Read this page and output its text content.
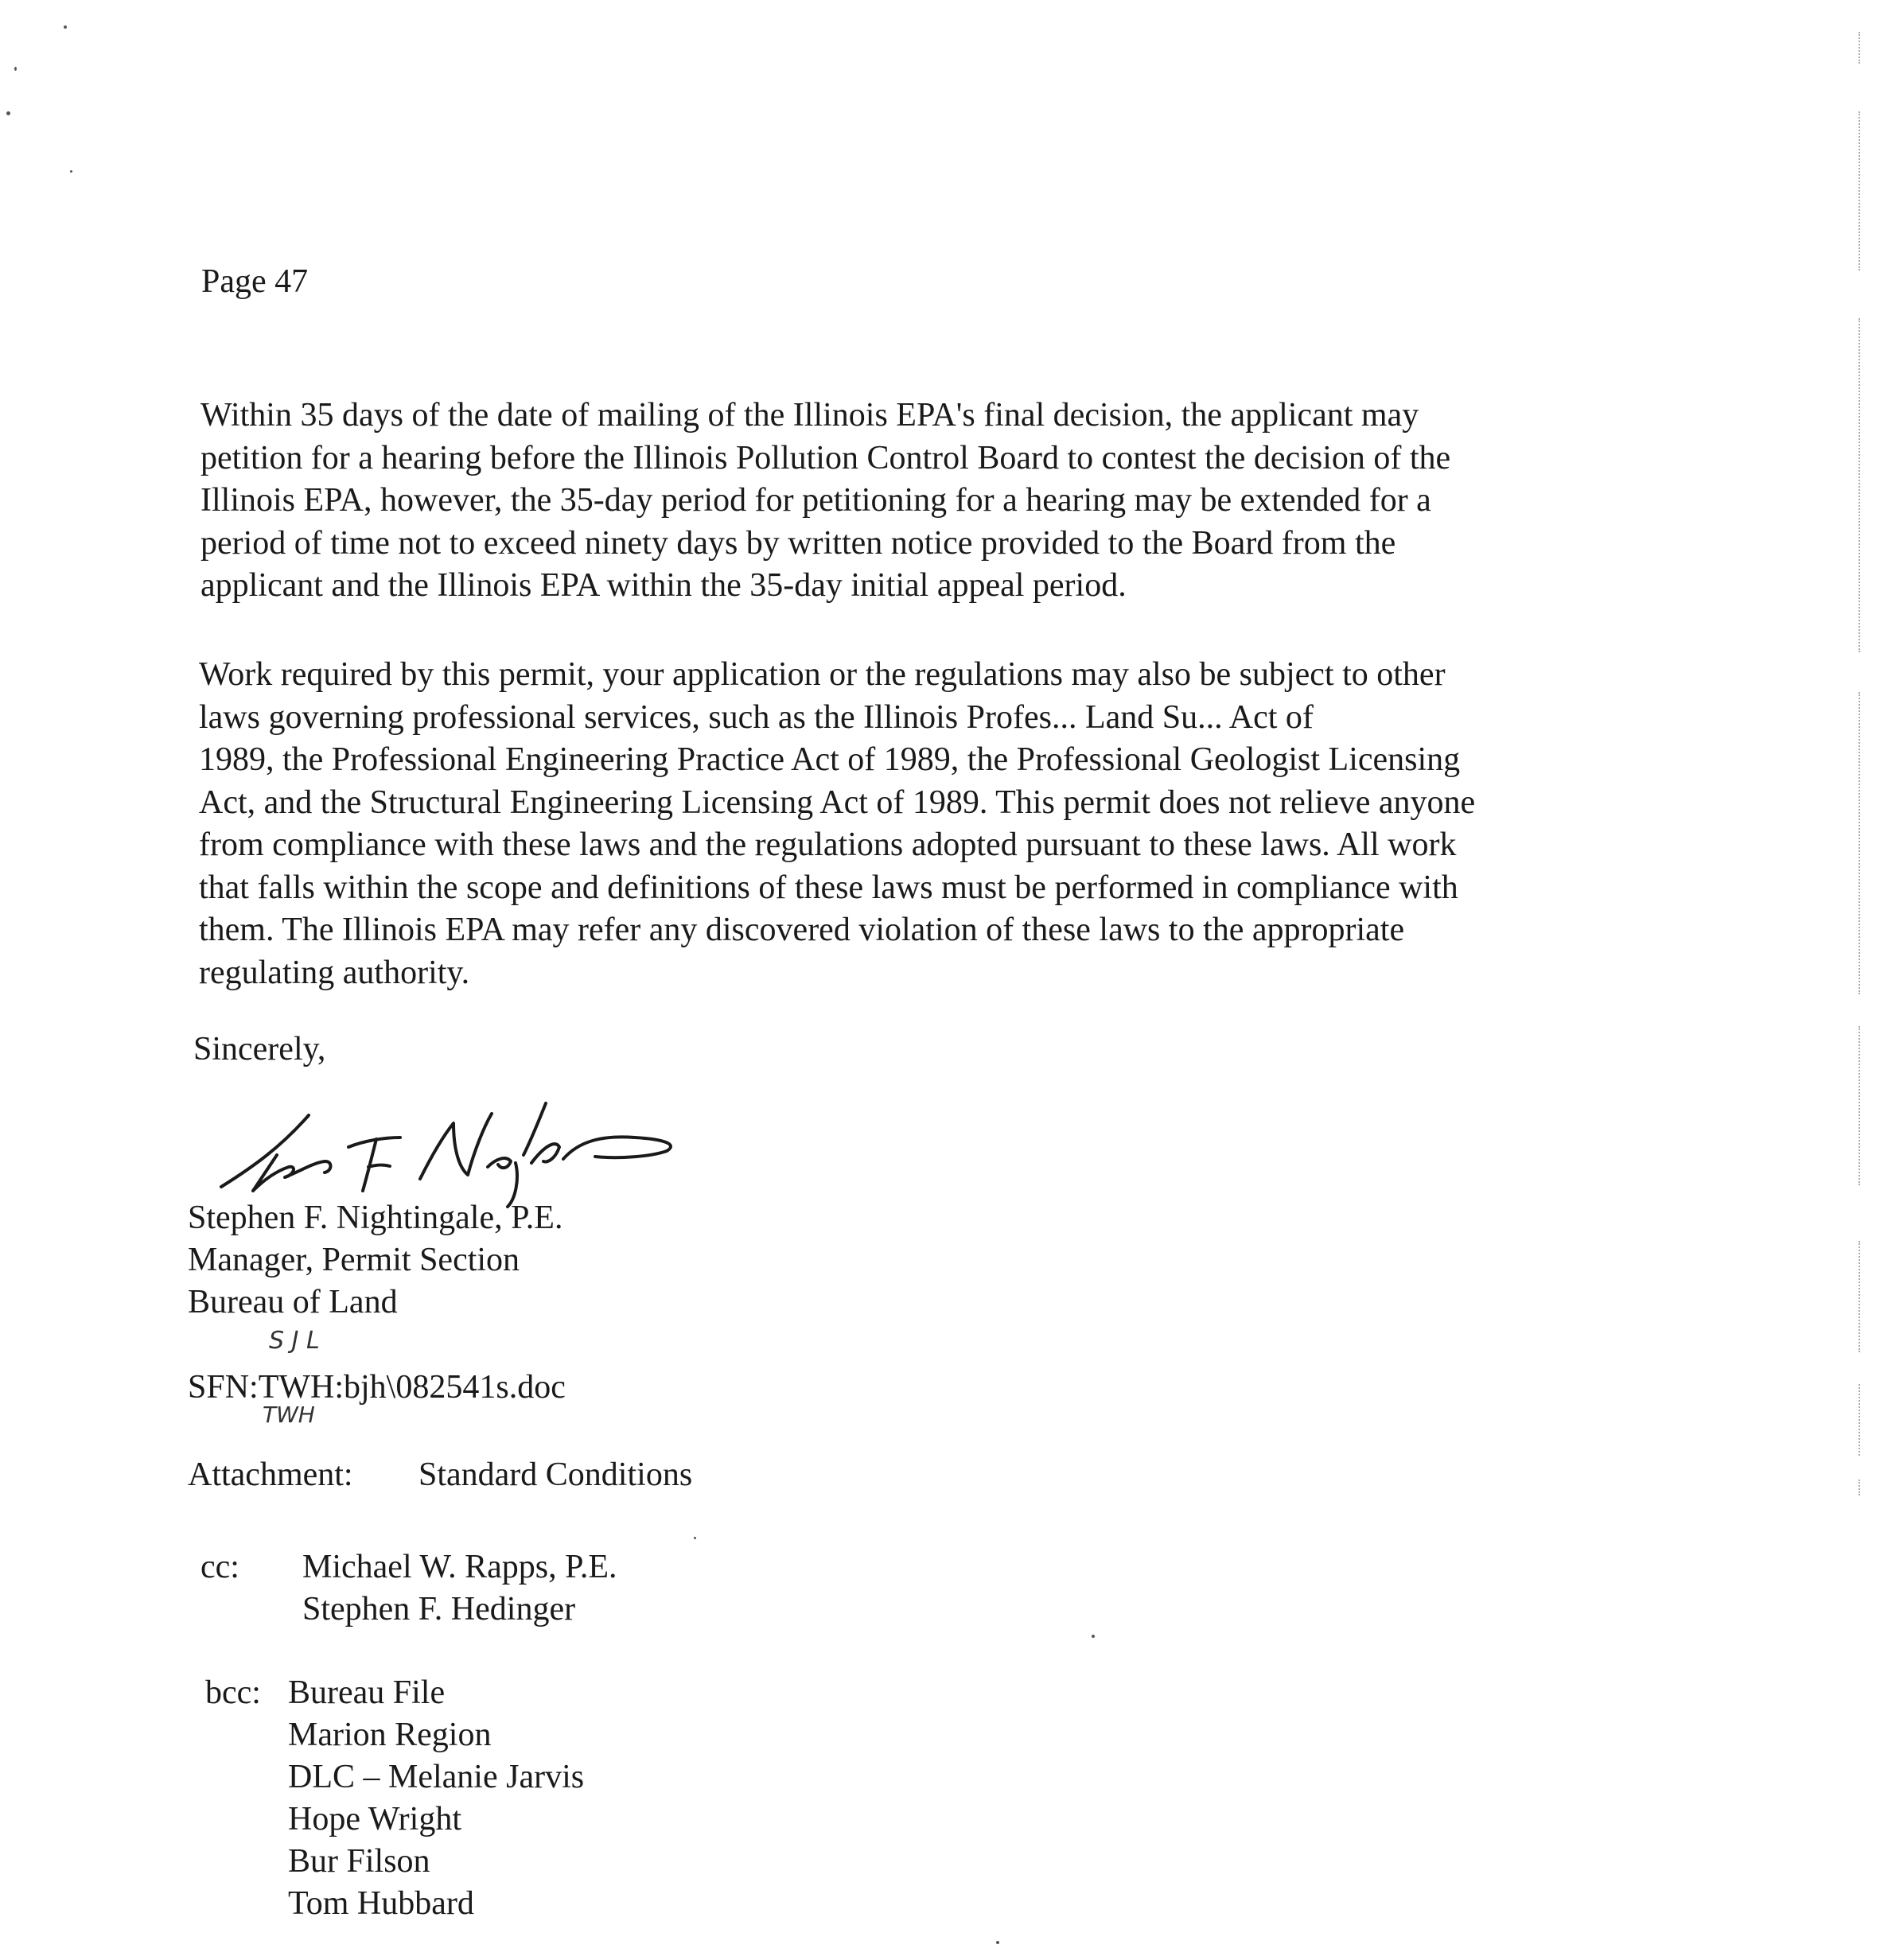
Page 47
Within 35 days of the date of mailing of the Illinois EPA's final decision, the applicant may
petition for a hearing before the Illinois Pollution Control Board to contest the decision of the
Illinois EPA, however, the 35-day period for petitioning for a hearing may be extended for a
period of time not to exceed ninety days by written notice provided to the Board from the
applicant and the Illinois EPA within the 35-day initial appeal period.
Work required by this permit, your application or the regulations may also be subject to other
laws governing professional services, such as the Illinois Profes... Land Su... Act of
1989, the Professional Engineering Practice Act of 1989, the Professional Geologist Licensing
Act, and the Structural Engineering Licensing Act of 1989. This permit does not relieve anyone
from compliance with these laws and the regulations adopted pursuant to these laws. All work
that falls within the scope and definitions of these laws must be performed in compliance with
them. The Illinois EPA may refer any discovered violation of these laws to the appropriate
regulating authority.
Sincerely,
Stephen F. Nightingale, P.E.
Manager, Permit Section
Bureau of Land
S J L
SFN:TWH:bjh\082541s.doc
TWH
Attachment: Standard Conditions
cc: Michael W. Rapps, P.E.
Stephen F. Hedinger
bcc: Bureau File
Marion Region
DLC – Melanie Jarvis
Hope Wright
Bur Filson
Tom Hubbard
